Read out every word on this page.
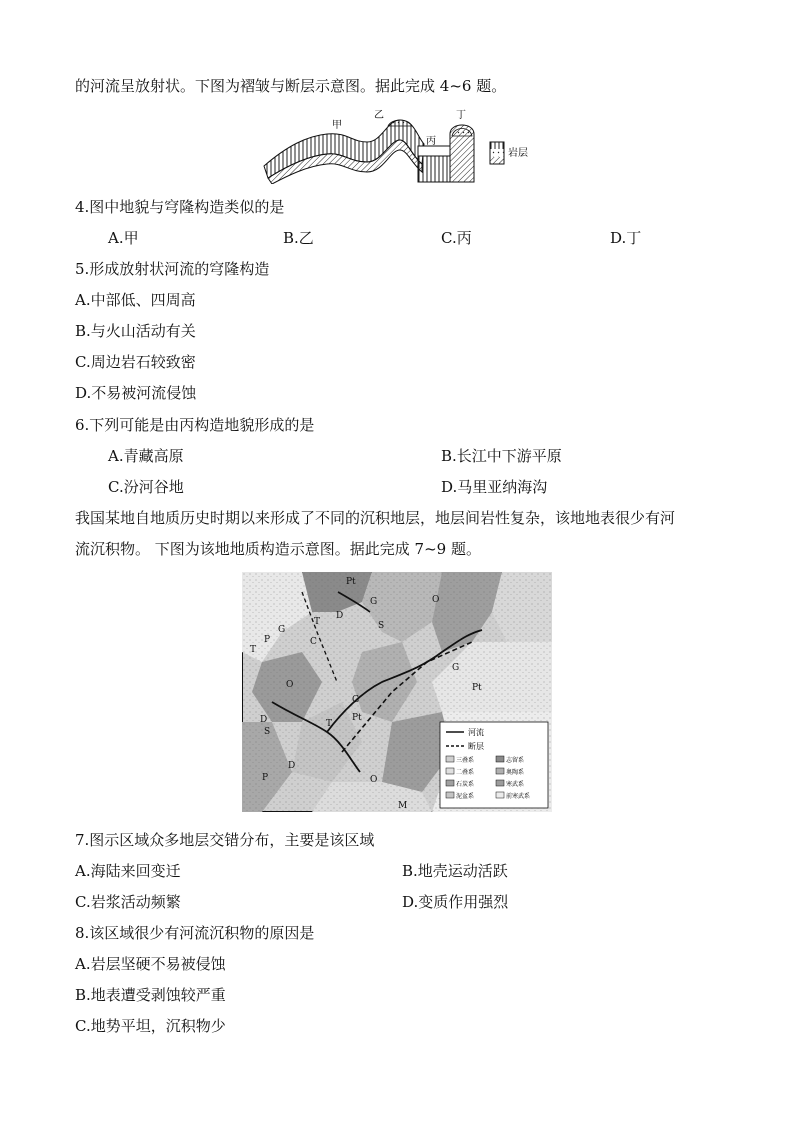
的河流呈放射状。下图为褶皱与断层示意图。据此完成 4~6 题。
甲
乙
丙
丁
岩层
4.图中地貌与穹隆构造类似的是
A.甲	B.乙	C.丙	D.丁
5.形成放射状河流的穹隆构造
A.中部低、四周高
B.与火山活动有关
C.周边岩石较致密
D.不易被河流侵蚀
6.下列可能是由丙构造地貌形成的是
A.青藏高原	B.长江中下游平原
C.汾河谷地	D.马里亚纳海沟
我国某地自地质历史时期以来形成了不同的沉积地层，地层间岩性复杂，该地地表很少有河
流沉积物。 下图为该地地质构造示意图。据此完成 7~9 题。
Pt
Pt
Pt
T
T
T
P
P
C
G
G
G
G
D
D
D
S
S
O
O
O
M
河流
断层
三叠系	志留系
二叠系	奥陶系
石炭系	寒武系
泥盆系	前寒武系
7.图示区域众多地层交错分布，主要是该区域
A.海陆来回变迁	B.地壳运动活跃
C.岩浆活动频繁	D.变质作用强烈
8.该区域很少有河流沉积物的原因是
A.岩层坚硬不易被侵蚀
B.地表遭受剥蚀较严重
C.地势平坦，沉积物少
